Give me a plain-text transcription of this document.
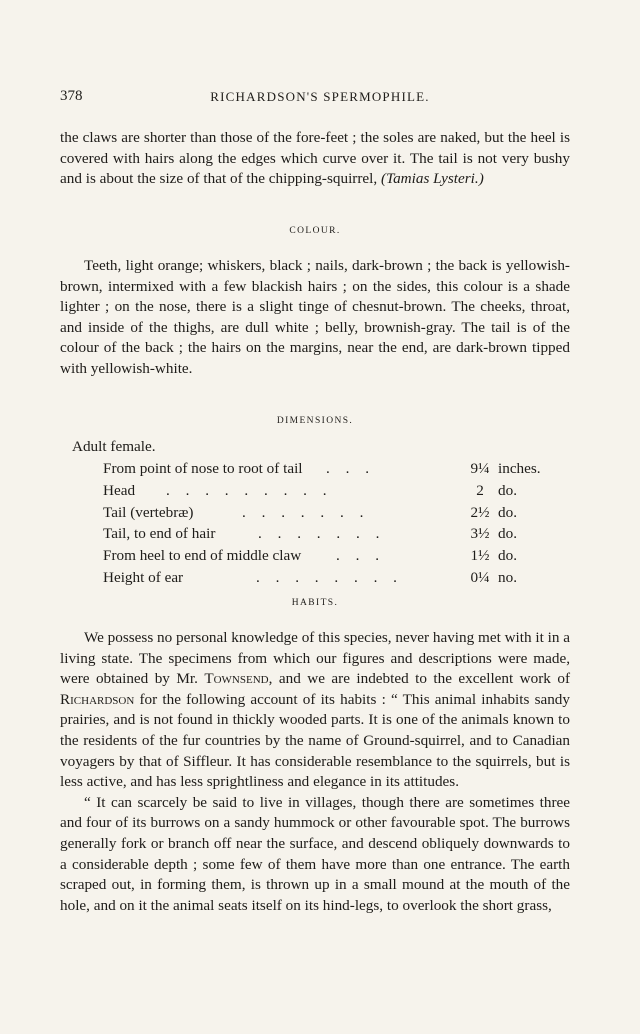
378	RICHARDSON'S SPERMOPHILE.

the claws are shorter than those of the fore-feet ; the soles are naked, but the heel is covered with hairs along the edges which curve over it. The tail is not very bushy and is about the size of that of the chipping-squirrel, (Tamias Lysteri.)

COLOUR.

Teeth, light orange; whiskers, black ; nails, dark-brown ; the back is yellowish-brown, intermixed with a few blackish hairs ; on the sides, this colour is a shade lighter ; on the nose, there is a slight tinge of chesnut-brown. The cheeks, throat, and inside of the thighs, are dull white ; belly, brownish-gray. The tail is of the colour of the back ; the hairs on the margins, near the end, are dark-brown tipped with yellowish-white.

DIMENSIONS.
Adult female.
From point of nose to root of tail . . .	9¼ inches.
Head . . . . . . . . .	2 do.
Tail (vertebræ)	. . . . . . .	2½ do.
Tail, to end of hair	. . . . . . .	3½ do.
From heel to end of middle claw . . .	1½ do.
Height of ear	. . . . . . . .	0¼ no.
HABITS.

We possess no personal knowledge of this species, never having met with it in a living state. The specimens from which our figures and descriptions were made, were obtained by Mr. Townsend, and we are indebted to the excellent work of Richardson for the following account of its habits : “ This animal inhabits sandy prairies, and is not found in thickly wooded parts. It is one of the animals known to the residents of the fur countries by the name of Ground-squirrel, and to Canadian voyagers by that of Siffleur. It has considerable resemblance to the squirrels, but is less active, and has less sprightliness and elegance in its attitudes.

“ It can scarcely be said to live in villages, though there are sometimes three and four of its burrows on a sandy hummock or other favourable spot. The burrows generally fork or branch off near the surface, and descend obliquely downwards to a considerable depth ; some few of them have more than one entrance. The earth scraped out, in forming them, is thrown up in a small mound at the mouth of the hole, and on it the animal seats itself on its hind-legs, to overlook the short grass,
